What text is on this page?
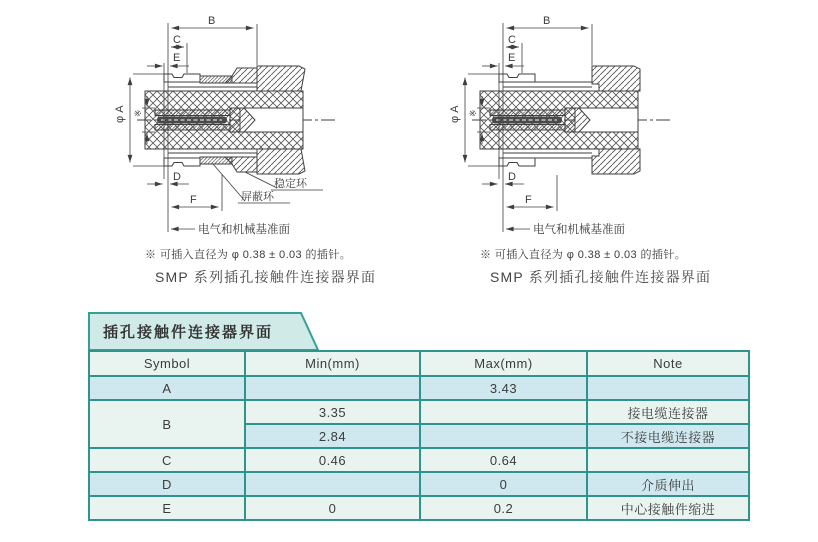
B
C
E
D
F
φ A ※
屏蔽环
稳定环
电气和机械基准面
※ 可插入直径为 φ 0.38 ± 0.03 的插针。
SMP 系列插孔接触件连接器界面
B
C
E
D
F
φ A ※
电气和机械基准面
※ 可插入直径为 φ 0.38 ± 0.03 的插针。
SMP 系列插孔接触件连接器界面
插孔接触件连接器界面
Symbol	Min(mm)	Max(mm)	Note
A		3.43	
B	3.35		接电缆连接器
	2.84		不接电缆连接器
C	0.46	0.64	
D		0	介质伸出
E	0	0.2	中心接触件缩进
